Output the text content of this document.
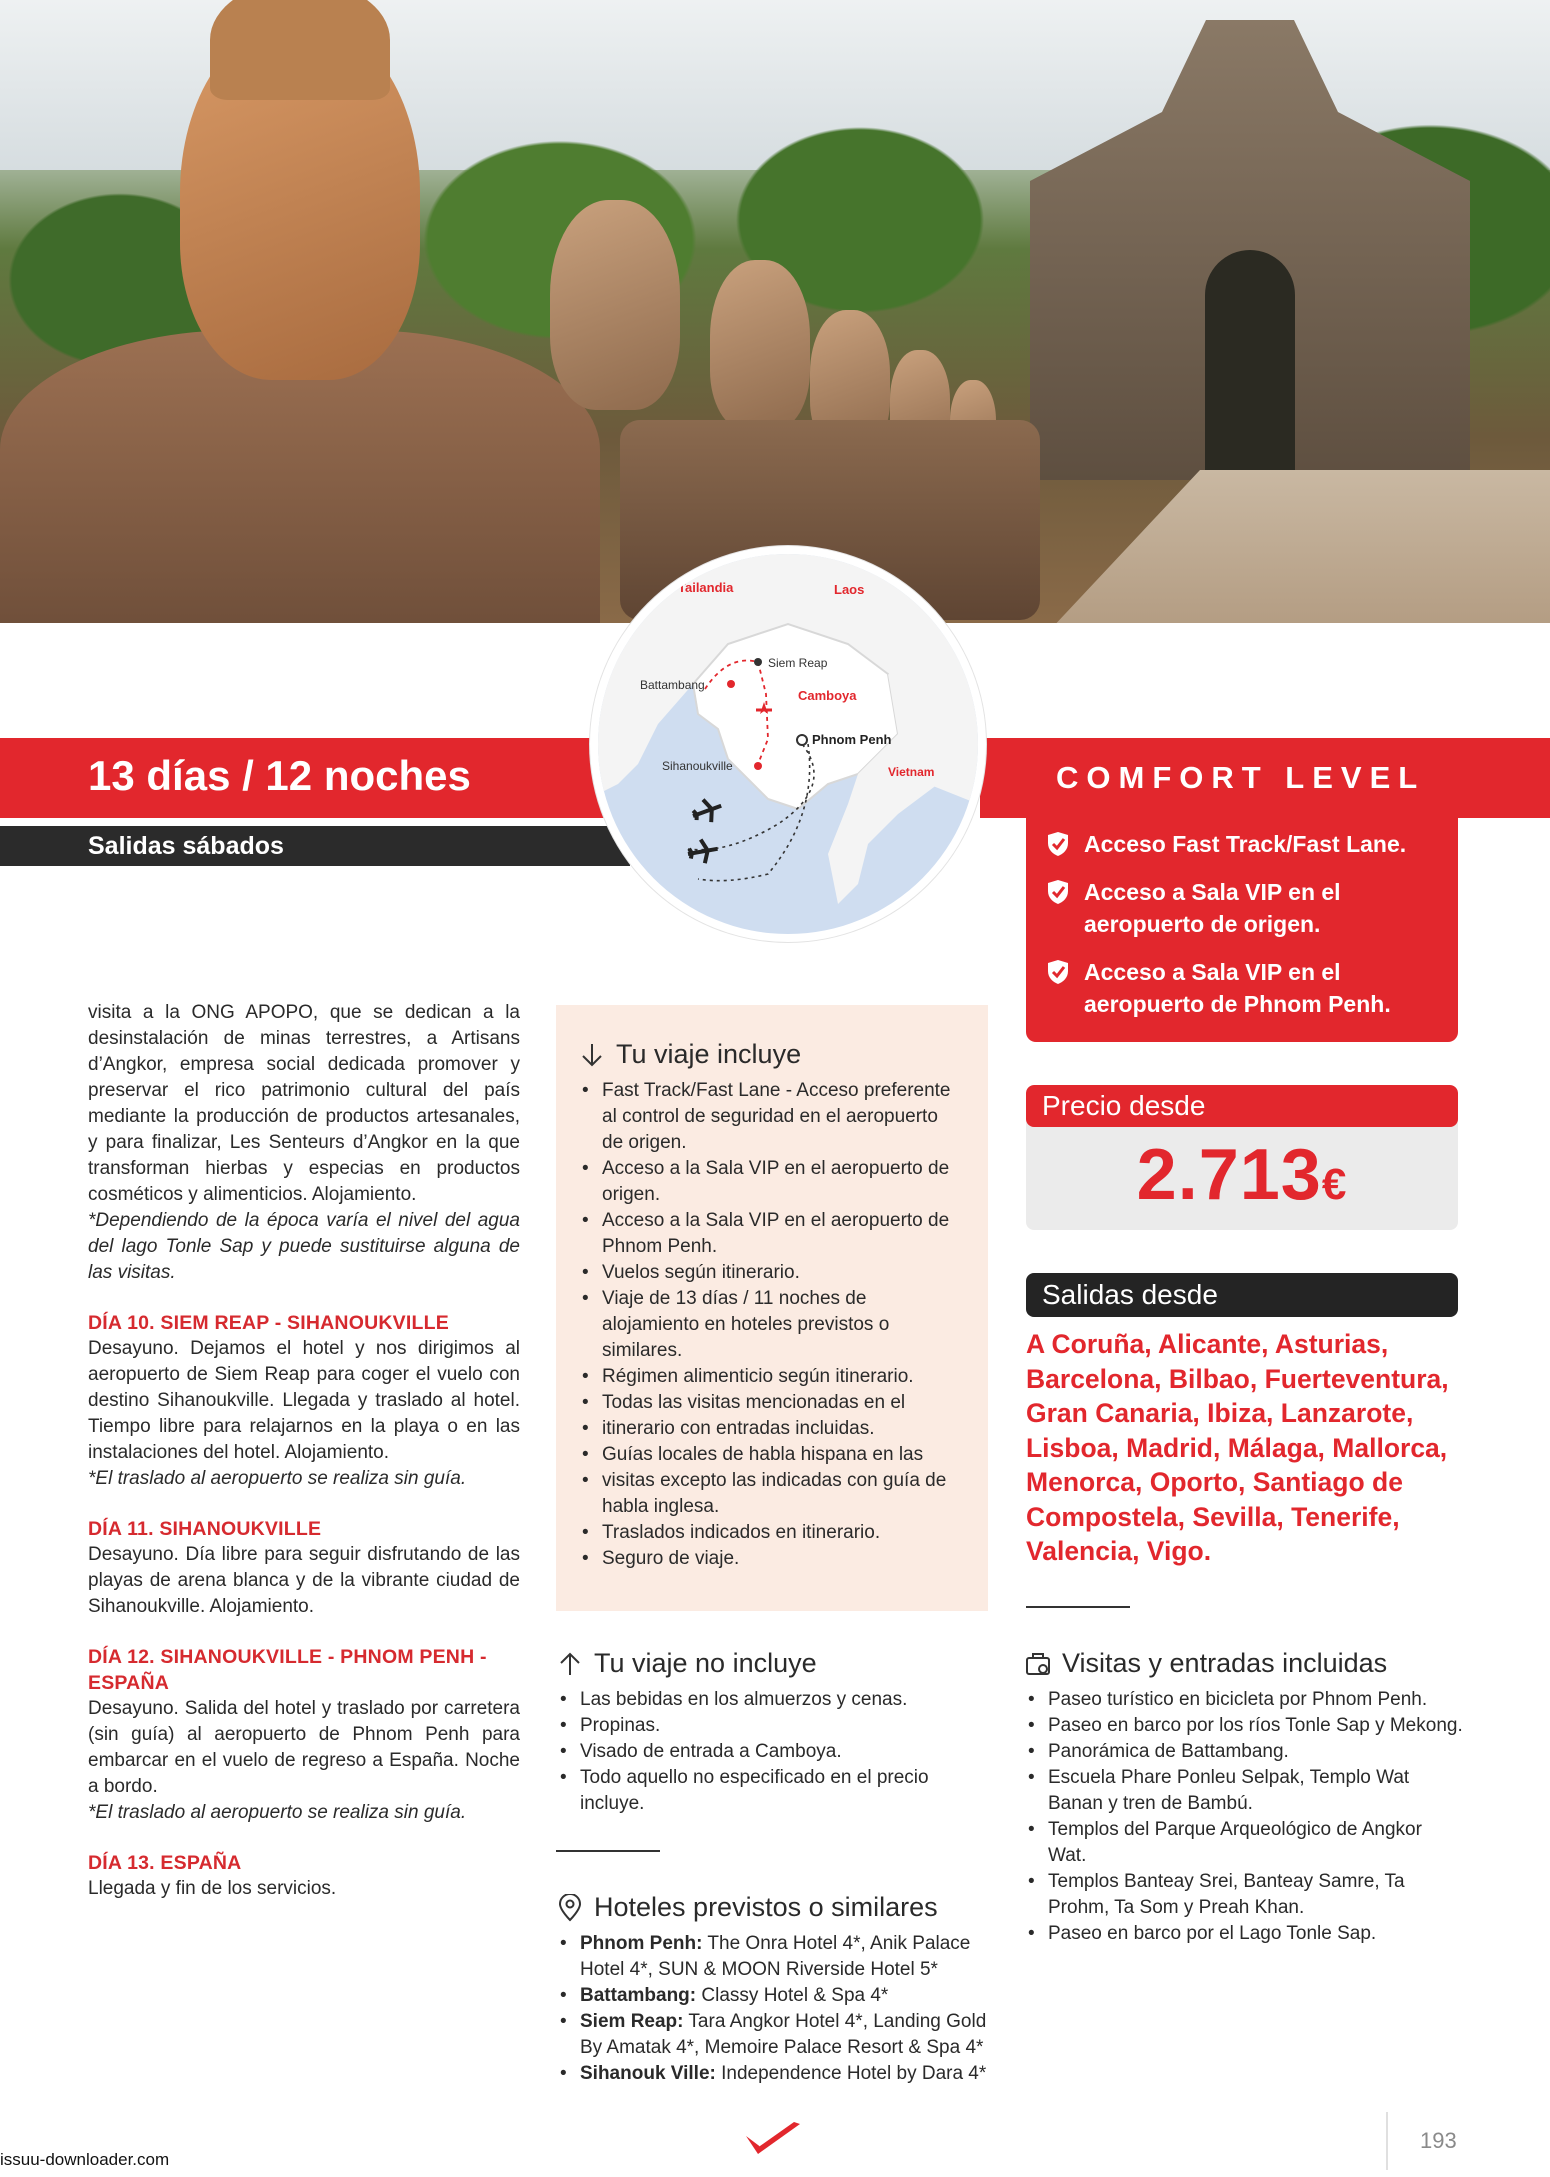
13 días / 12 noches
Salidas sábados
COMFORT LEVEL
Acceso Fast Track/Fast Lane.
Acceso a Sala VIP en el aeropuerto de origen.
Acceso a Sala VIP en el aeropuerto de Phnom Penh.
Tailandia	Laos
Camboya
Vietnam
Siem Reap
Battambang
Phnom Penh
Sihanoukville
Precio desde
2.713€
Salidas desde
A Coruña, Alicante, Asturias, Barcelona, Bilbao, Fuerteventura, Gran Canaria, Ibiza, Lanzarote, Lisboa, Madrid, Málaga, Mallorca, Menorca, Oporto, Santiago de Compostela, Sevilla, Tenerife, Valencia, Vigo.

visita a la ONG APOPO, que se dedican a la desinstalación de minas terrestres, a Artisans d’Angkor, empresa social dedicada promover y preservar el rico patrimonio cultural del país mediante la producción de productos artesanales, y para finalizar, Les Senteurs d’Angkor en la que transforman hierbas y especias en productos cosméticos y alimenticios. Alojamiento.

*Dependiendo de la época varía el nivel del agua del lago Tonle Sap y puede sustituirse alguna de las visitas.

DÍA 10. SIEM REAP - SIHANOUKVILLE

Desayuno. Dejamos el hotel y nos dirigimos al aeropuerto de Siem Reap para coger el vuelo con destino Sihanoukville. Llegada y traslado al hotel. Tiempo libre para relajarnos en la playa o en las instalaciones del hotel. Alojamiento.

*El traslado al aeropuerto se realiza sin guía.

DÍA 11. SIHANOUKVILLE

Desayuno. Día libre para seguir disfrutando de las playas de arena blanca y de la vibrante ciudad de Sihanoukville. Alojamiento.

DÍA 12. SIHANOUKVILLE - PHNOM PENH - ESPAÑA

Desayuno. Salida del hotel y traslado por carretera (sin guía) al aeropuerto de Phnom Penh para embarcar en el vuelo de regreso a España. Noche a bordo.

*El traslado al aeropuerto se realiza sin guía.

DÍA 13. ESPAÑA

Llegada y fin de los servicios.

Tu viaje incluye
• Fast Track/Fast Lane - Acceso preferente al control de seguridad en el aeropuerto de origen.
• Acceso a la Sala VIP en el aeropuerto de origen.
• Acceso a la Sala VIP en el aeropuerto de Phnom Penh.
• Vuelos según itinerario.
• Viaje de 13 días / 11 noches de alojamiento en hoteles previstos o similares.
• Régimen alimenticio según itinerario.
• Todas las visitas mencionadas en el
• itinerario con entradas incluidas.
• Guías locales de habla hispana en las
• visitas excepto las indicadas con guía de habla inglesa.
• Traslados indicados en itinerario.
• Seguro de viaje.
Tu viaje no incluye
• Las bebidas en los almuerzos y cenas.
• Propinas.
• Visado de entrada a Camboya.
• Todo aquello no especificado en el precio incluye.
Hoteles previstos o similares
• Phnom Penh: The Onra Hotel 4*, Anik Palace Hotel 4*, SUN & MOON Riverside Hotel 5*
• Battambang: Classy Hotel & Spa 4*
• Siem Reap: Tara Angkor Hotel 4*, Landing Gold By Amatak 4*, Memoire Palace Resort & Spa 4*
• Sihanouk Ville: Independence Hotel by Dara 4*
Visitas y entradas incluidas
• Paseo turístico en bicicleta por Phnom Penh.
• Paseo en barco por los ríos Tonle Sap y Mekong.
• Panorámica de Battambang.
• Escuela Phare Ponleu Selpak, Templo Wat Banan y tren de Bambú.
• Templos del Parque Arqueológico de Angkor Wat.
• Templos Banteay Srei, Banteay Samre, Ta Prohm, Ta Som y Preah Khan.
• Paseo en barco por el Lago Tonle Sap.
193
issuu-downloader.com
